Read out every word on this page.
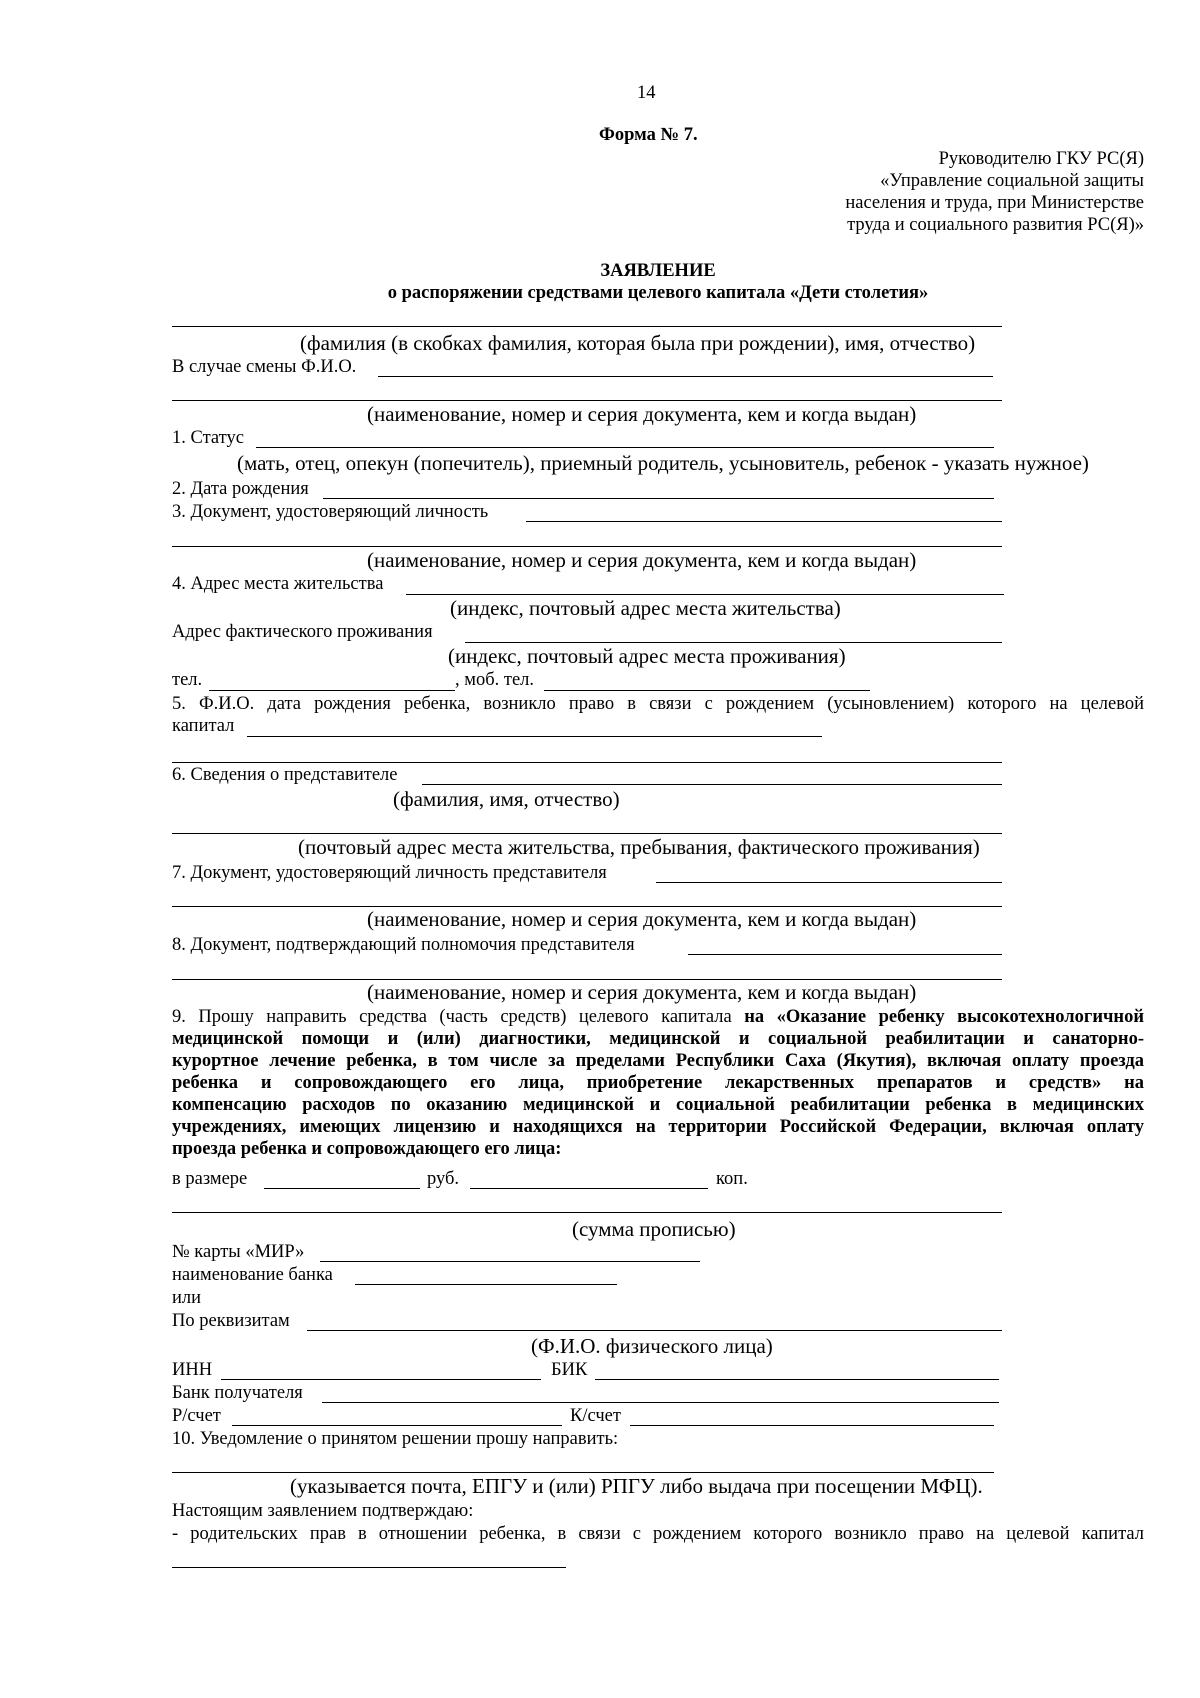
14
Форма № 7.
Руководителю ГКУ РС(Я)
«Управление социальной защиты
населения и труда, при Министерстве
труда и социального развития РС(Я)»
ЗАЯВЛЕНИЕ
о распоряжении средствами целевого капитала «Дети столетия»
(фамилия (в скобках фамилия, которая была при рождении), имя, отчество)
В случае смены Ф.И.О.
(наименование, номер и серия документа, кем и когда выдан)
1. Статус
(мать, отец, опекун (попечитель), приемный родитель, усыновитель, ребенок - указать нужное)
2. Дата рождения
3. Документ, удостоверяющий личность
(наименование, номер и серия документа, кем и когда выдан)
4. Адрес места жительства
(индекс, почтовый адрес места жительства)
Адрес фактического проживания
(индекс, почтовый адрес места проживания)
тел.	, моб. тел.
5. Ф.И.О. дата рождения ребенка, возникло право в связи с рождением (усыновлением) которого на целевой
капитал
6. Сведения о представителе
(фамилия, имя, отчество)
(почтовый адрес места жительства, пребывания, фактического проживания)
7. Документ, удостоверяющий личность представителя
(наименование, номер и серия документа, кем и когда выдан)
8. Документ, подтверждающий полномочия представителя
(наименование, номер и серия документа, кем и когда выдан)
9. Прошу направить средства (часть средств) целевого капитала на «Оказание ребенку высокотехнологичной
медицинской помощи и (или) диагностики, медицинской и социальной реабилитации и санаторно-
курортное лечение ребенка, в том числе за пределами Республики Саха (Якутия), включая оплату проезда
ребенка и сопровождающего его лица, приобретение лекарственных препаратов и средств» на
компенсацию расходов по оказанию медицинской и социальной реабилитации ребенка в медицинских
учреждениях, имеющих лицензию и находящихся на территории Российской Федерации, включая оплату
проезда ребенка и сопровождающего его лица:
в размере	руб.	коп.
(сумма прописью)
№ карты «МИР»
наименование банка
или
По реквизитам
(Ф.И.О. физического лица)
ИНН	БИК
Банк получателя
Р/счет	К/счет
10. Уведомление о принятом решении прошу направить:
(указывается почта, ЕПГУ и (или) РПГУ либо выдача при посещении МФЦ).
Настоящим заявлением подтверждаю:
- родительских прав в отношении ребенка, в связи с рождением которого возникло право на целевой капитал
